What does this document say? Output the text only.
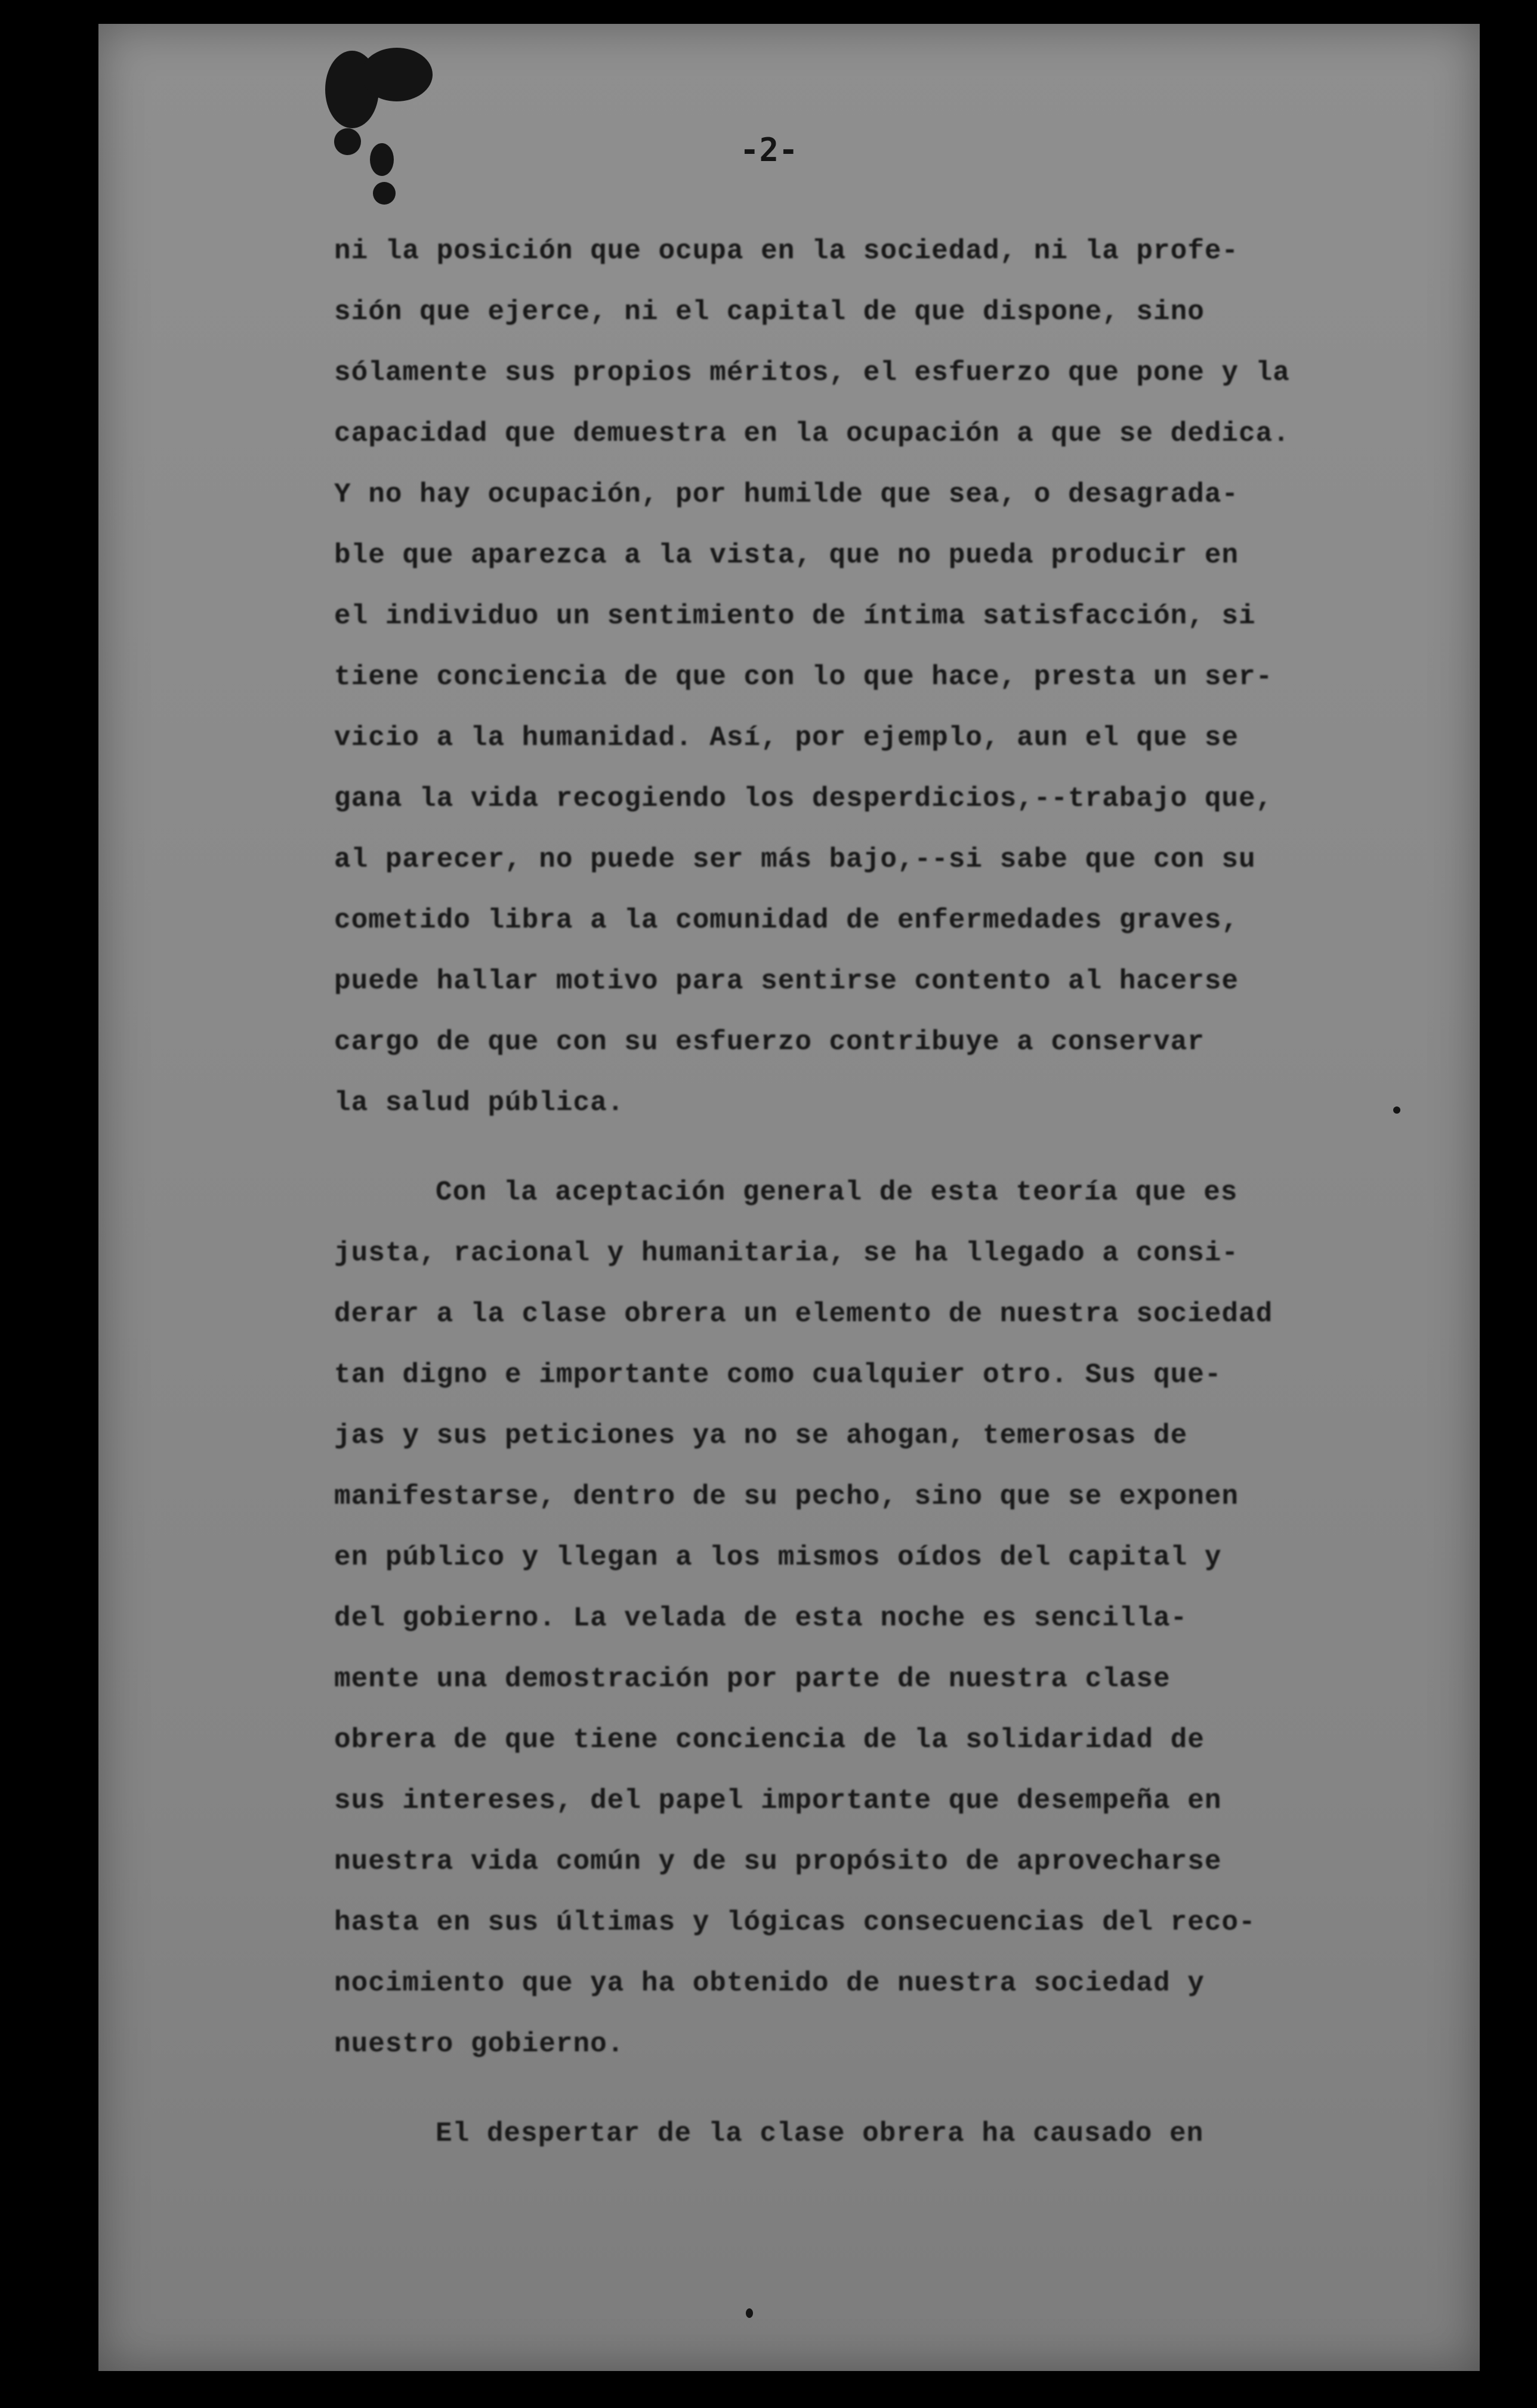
-2-
ni la posición que ocupa en la sociedad, ni la profe-
sión que ejerce, ni el capital de que dispone, sino
sólamente sus propios méritos, el esfuerzo que pone y la
capacidad que demuestra en la ocupación a que se dedica.
Y no hay ocupación, por humilde que sea, o desagrada-
ble que aparezca a la vista, que no pueda producir en
el individuo un sentimiento de íntima satisfacción, si
tiene conciencia de que con lo que hace, presta un ser-
vicio a la humanidad. Así, por ejemplo, aun el que se
gana la vida recogiendo los desperdicios,--trabajo que,
al parecer, no puede ser más bajo,--si sabe que con su
cometido libra a la comunidad de enfermedades graves,
puede hallar motivo para sentirse contento al hacerse
cargo de que con su esfuerzo contribuye a conservar
la salud pública.
Con la aceptación general de esta teoría que es
justa, racional y humanitaria, se ha llegado a consi-
derar a la clase obrera un elemento de nuestra sociedad
tan digno e importante como cualquier otro. Sus que-
jas y sus peticiones ya no se ahogan, temerosas de
manifestarse, dentro de su pecho, sino que se exponen
en público y llegan a los mismos oídos del capital y
del gobierno. La velada de esta noche es sencilla-
mente una demostración por parte de nuestra clase
obrera de que tiene conciencia de la solidaridad de
sus intereses, del papel importante que desempeña en
nuestra vida común y de su propósito de aprovecharse
hasta en sus últimas y lógicas consecuencias del reco-
nocimiento que ya ha obtenido de nuestra sociedad y
nuestro gobierno.
El despertar de la clase obrera ha causado en
